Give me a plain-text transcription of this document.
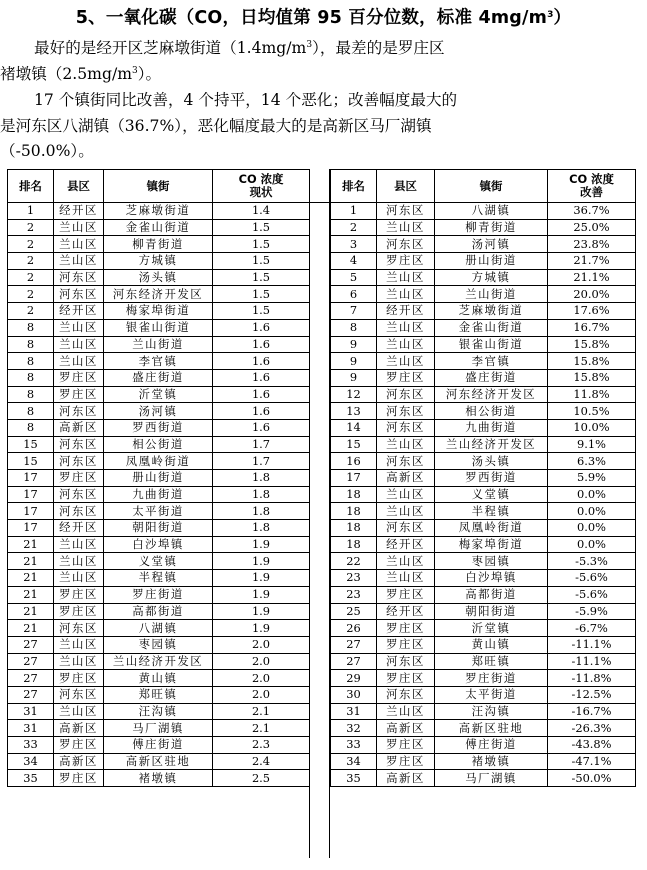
5、一氧化碳（CO，日均值第 95 百分位数，标准 $4mg/m^3$）
最好的是经开区芝麻墩街道$(1.4mg/m^3)$，最差的是罗庄区
褚墩镇$(2.5mg/m^3)$。
17 个镇街同比改善，4 个持平，14 个恶化；改善幅度最大的
是河东区八湖镇（36.7%），恶化幅度最大的是高新区马厂湖镇
（-50.0%）。
排名	县区	镇街	CO 浓度现状
1	经开区	芝麻墩街道	1.4
2	兰山区	金雀山街道	1.5
2	兰山区	柳青街道	1.5
2	兰山区	方城镇	1.5
2	河东区	汤头镇	1.5
2	河东区	河东经济开发区	1.5
2	经开区	梅家埠街道	1.5
8	兰山区	银雀山街道	1.6
8	兰山区	兰山街道	1.6
8	兰山区	李官镇	1.6
8	罗庄区	盛庄街道	1.6
8	罗庄区	沂堂镇	1.6
8	河东区	汤河镇	1.6
8	高新区	罗西街道	1.6
15	河东区	相公街道	1.7
15	河东区	凤凰岭街道	1.7
17	罗庄区	册山街道	1.8
17	河东区	九曲街道	1.8
17	河东区	太平街道	1.8
17	经开区	朝阳街道	1.8
21	兰山区	白沙埠镇	1.9
21	兰山区	义堂镇	1.9
21	兰山区	半程镇	1.9
21	罗庄区	罗庄街道	1.9
21	罗庄区	高都街道	1.9
21	河东区	八湖镇	1.9
27	兰山区	枣园镇	2.0
27	兰山区	兰山经济开发区	2.0
27	罗庄区	黄山镇	2.0
27	河东区	郑旺镇	2.0
31	兰山区	汪沟镇	2.1
31	高新区	马厂湖镇	2.1
33	罗庄区	傅庄街道	2.3
34	高新区	高新区驻地	2.4
35	罗庄区	褚墩镇	2.5
排名	县区	镇街	CO 浓度改善
1	河东区	八湖镇	36.7%
2	兰山区	柳青街道	25.0%
3	河东区	汤河镇	23.8%
4	罗庄区	册山街道	21.7%
5	兰山区	方城镇	21.1%
6	兰山区	兰山街道	20.0%
7	经开区	芝麻墩街道	17.6%
8	兰山区	金雀山街道	16.7%
9	兰山区	银雀山街道	15.8%
9	兰山区	李官镇	15.8%
9	罗庄区	盛庄街道	15.8%
12	河东区	河东经济开发区	11.8%
13	河东区	相公街道	10.5%
14	河东区	九曲街道	10.0%
15	兰山区	兰山经济开发区	9.1%
16	河东区	汤头镇	6.3%
17	高新区	罗西街道	5.9%
18	兰山区	义堂镇	0.0%
18	兰山区	半程镇	0.0%
18	河东区	凤凰岭街道	0.0%
18	经开区	梅家埠街道	0.0%
22	兰山区	枣园镇	-5.3%
23	兰山区	白沙埠镇	-5.6%
23	罗庄区	高都街道	-5.6%
25	经开区	朝阳街道	-5.9%
26	罗庄区	沂堂镇	-6.7%
27	罗庄区	黄山镇	-11.1%
27	河东区	郑旺镇	-11.1%
29	罗庄区	罗庄街道	-11.8%
30	河东区	太平街道	-12.5%
31	兰山区	汪沟镇	-16.7%
32	高新区	高新区驻地	-26.3%
33	罗庄区	傅庄街道	-43.8%
34	罗庄区	褚墩镇	-47.1%
35	高新区	马厂湖镇	-50.0%
